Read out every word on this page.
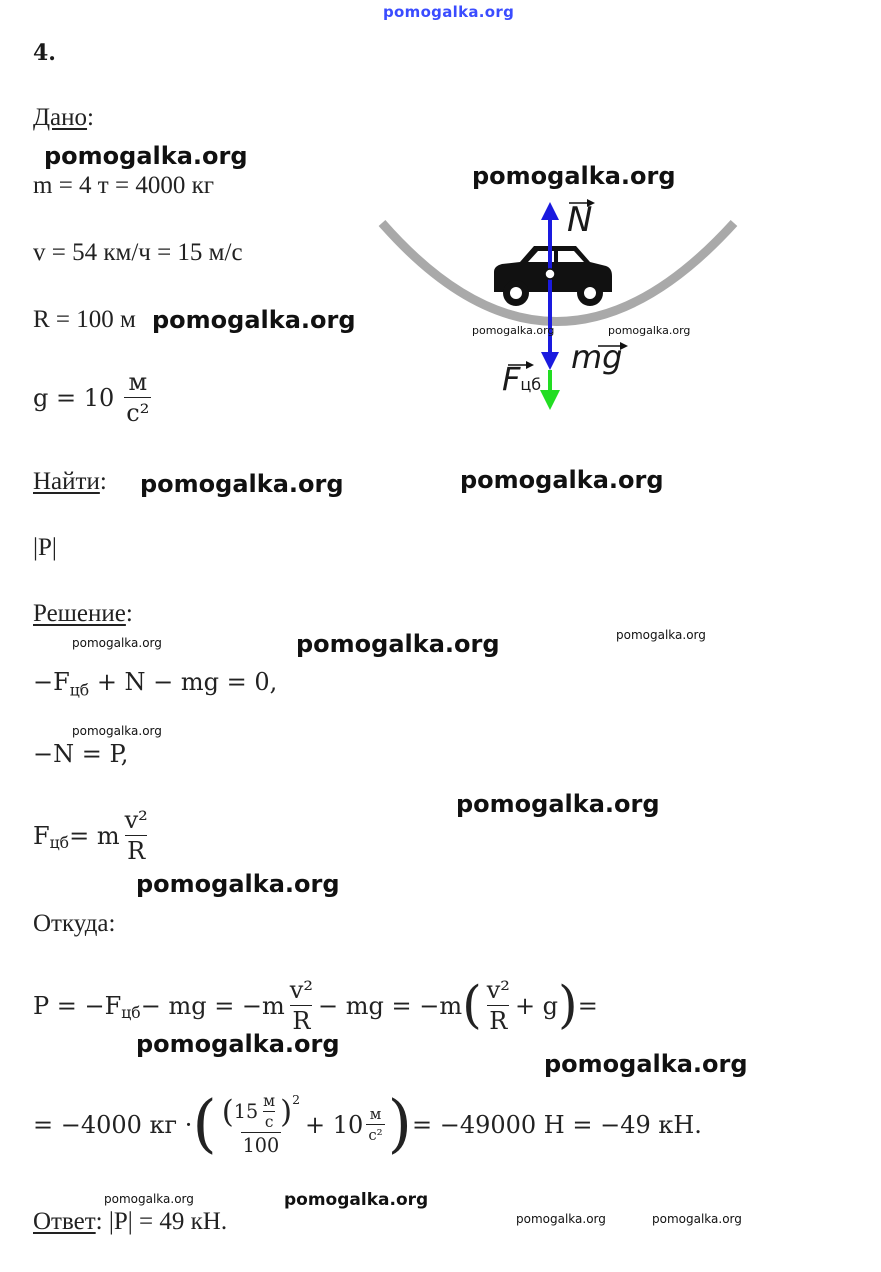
pomogalka.org
4.
Дано:
pomogalka.org
m = 4 т = 4000 кг
v = 54 км/ч = 15 м/с
R = 100 м pomogalka.org
$g = 10 \frac{м}{\text{с²}}$
Найти: pomogalka.org	pomogalka.org
|P|
Решение:
pomogalka.org	pomogalka.org	pomogalka.org
$-F_{цб} + N$ − mg = 0,
pomogalka.org
−N = P,
pomogalka.org
$F_{цб} = m \frac{\text{v²}}{R}$
pomogalka.org
Откуда:
$P = -F_{цб}$ − mg = $-m \frac{\text{v²}}{R}$ − mg = −m ( $\frac{\text{v²}}{R} + g$ ) =
pomogalka.org
pomogalka.org
= −4000 кг · ( $\frac{( 15 \frac{м}{с} )^2}{100} + 10 \frac{м}{\text{с²}}$ ) = −49000 Н = −49 кН.
pomogalka.org	pomogalka.org
Ответ: |P| = 49 кН.	pomogalka.org	pomogalka.org
pomogalka.org
N
mg
Fцб
pomogalka.org	pomogalka.org
